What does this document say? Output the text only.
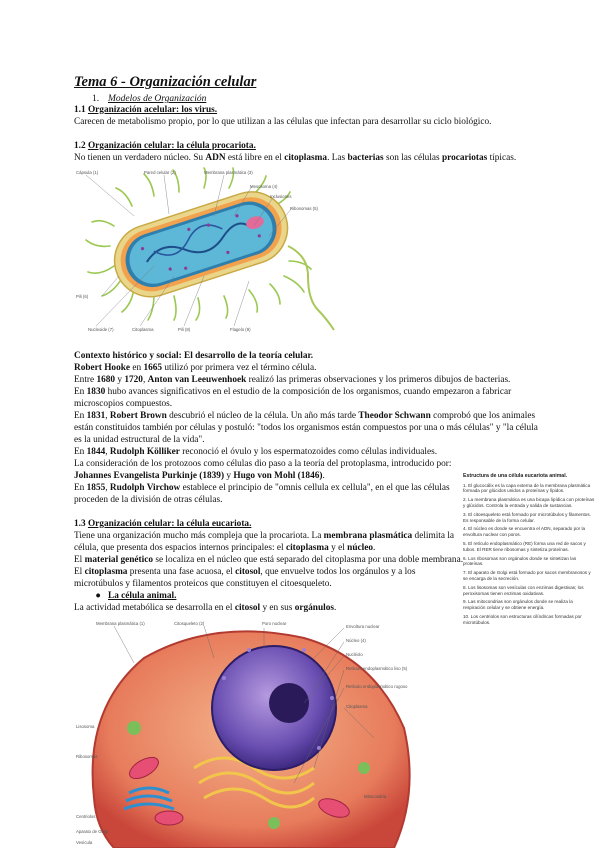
Tema 6 - Organización celular
1. Modelos de Organización
1.1 Organización acelular: los virus.
Carecen de metabolismo propio, por lo que utilizan a las células que infectan para desarrollar su ciclo biológico.
1.2 Organización celular: la célula procariota.
No tienen un verdadero núcleo. Su ADN está libre en el citoplasma. Las bacterias son las células procariotas típicas.
Cápsula (1)	Pared celular (2)	Membrana plasmática (3)
Mesosoma (4)
Inclusiones
Ribosomas (5)
Pili (6)
Nucleoide (7)	Citoplasma	Pili (8)	Flagelo (9)
Contexto histórico y social: El desarrollo de la teoría celular.
Robert Hooke en 1665 utilizó por primera vez el término célula.
Entre 1680 y 1720, Anton van Leeuwenhoek realizó las primeras observaciones y los primeros dibujos de bacterias.
En 1830 hubo avances significativos en el estudio de la composición de los organismos, cuando empezaron a fabricar
microscopios compuestos.
En 1831, Robert Brown descubrió el núcleo de la célula. Un año más tarde Theodor Schwann comprobó que los animales
están constituidos también por células y postuló: "todos los organismos están compuestos por una o más células" y "la célula
es la unidad estructural de la vida".
En 1844, Rudolph Kölliker reconoció el óvulo y los espermatozoides como células individuales.
La consideración de los protozoos como células dio paso a la teoría del protoplasma, introducido por:
Johannes Evangelista Purkinje (1839) y Hugo von Mohl (1846).
En 1855, Rudolph Virchow establece el principio de "omnis cellula ex cellula", en el que las células
proceden de la división de otras células.
1.3 Organización celular: la célula eucariota.
Tiene una organización mucho más compleja que la procariota. La membrana plasmática delimita la
célula, que presenta dos espacios internos principales: el citoplasma y el núcleo.
El material genético se localiza en el núcleo que está separado del citoplasma por una doble membrana.
El citoplasma presenta una fase acuosa, el citosol, que envuelve todos los orgánulos y a los
microtúbulos y filamentos proteicos que constituyen el citoesqueleto.
● La célula animal.
La actividad metabólica se desarrolla en el citosol y en sus orgánulos.
Membrana plasmática (1)	Citosqueleto (2)	Poro nuclear
Envoltura nuclear
Núcleo (4)
Nucléolo
Retículo endoplasmático liso (5)
Retículo endoplasmático rugoso
Citoplasma
Mitocondria
Lisosoma
Ribosomas
Centriolos
Aparato de Golgi
Vesícula
Estructura de una célula eucariota animal.
1. El glucocálix es la capa externa de la membrana plasmática formada por glúcidos unidos a proteínas y lípidos.
2. La membrana plasmática es una bicapa lipídica con proteínas y glúcidos. Controla la entrada y salida de sustancias.
3. El citoesqueleto está formado por microtúbulos y filamentos. Es responsable de la forma celular.
4. El núcleo es donde se encuentra el ADN, separado por la envoltura nuclear con poros.
5. El retículo endoplasmático (RE) forma una red de sacos y tubos. El RER tiene ribosomas y sintetiza proteínas.
6. Los ribosomas son orgánulos donde se sintetizan las proteínas.
7. El aparato de Golgi está formado por sacos membranosos y se encarga de la secreción.
8. Los lisosomas son vesículas con enzimas digestivas; los peroxisomas tienen enzimas oxidativas.
9. Las mitocondrias son orgánulos donde se realiza la respiración celular y se obtiene energía.
10. Los centriolos son estructuras cilíndricas formadas por microtúbulos.
